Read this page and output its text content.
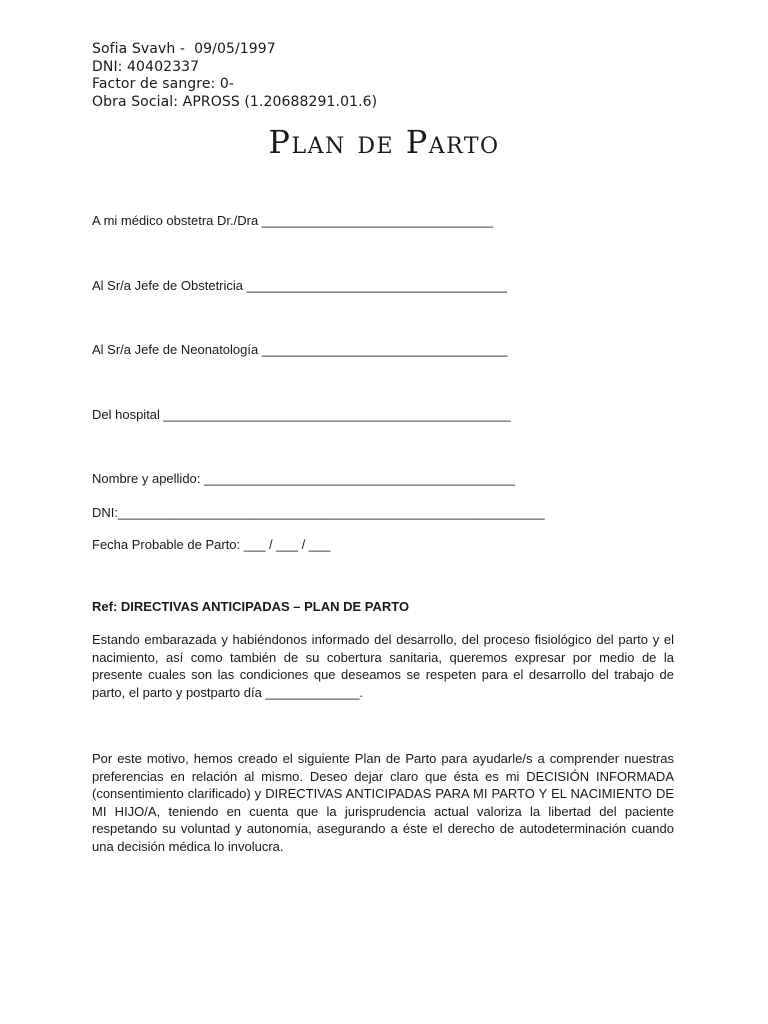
Sofia Svavh -  09/05/1997
DNI: 40402337
Factor de sangre: 0-
Obra Social: APROSS (1.20688291.01.6)
Plan de Parto
A mi médico obstetra Dr./Dra ________________________________
Al Sr/a Jefe de Obstetricia ____________________________________
Al Sr/a Jefe de Neonatología __________________________________
Del hospital ________________________________________________
Nombre y apellido: ___________________________________________
DNI:___________________________________________________________
Fecha Probable de Parto: ___ / ___ / ___
Ref: DIRECTIVAS ANTICIPADAS – PLAN DE PARTO

Estando embarazada y habiéndonos informado del desarrollo, del proceso fisiológico del parto y el nacimiento, así como también de su cobertura sanitaria, queremos expresar por medio de la presente cuales son las condiciones que deseamos se respeten para el desarrollo del trabajo de parto, el parto y postparto día _____________.

Por este motivo, hemos creado el siguiente Plan de Parto para ayudarle/s a comprender nuestras preferencias en relación al mismo. Deseo dejar claro que ésta es mi DECISIÓN INFORMADA (consentimiento clarificado) y DIRECTIVAS ANTICIPADAS PARA MI PARTO Y EL NACIMIENTO DE MI HIJO/A, teniendo en cuenta que la jurisprudencia actual valoriza la libertad del paciente respetando su voluntad y autonomía, asegurando a éste el derecho de autodeterminación cuando una decisión médica lo involucra.
